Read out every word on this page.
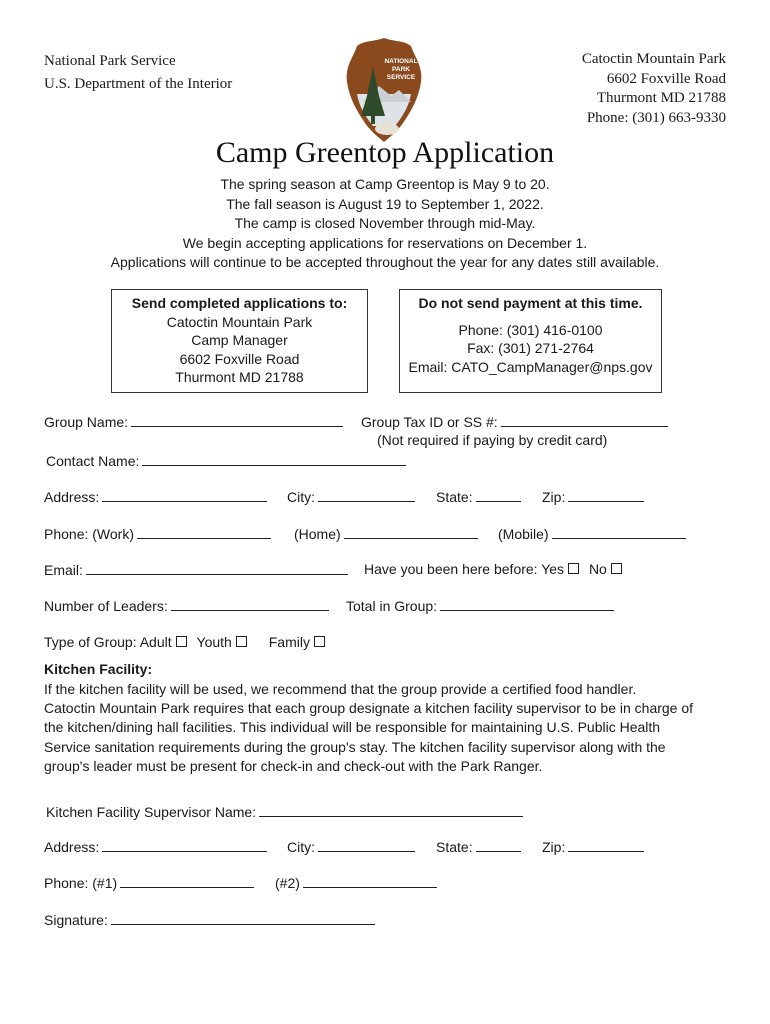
National Park Service
U.S. Department of the Interior
NATIONAL
PARK
SERVICE
Catoctin Mountain Park
6602 Foxville Road
Thurmont MD 21788
Phone: (301) 663-9330
Camp Greentop Application
The spring season at Camp Greentop is May 9 to 20.
The fall season is August 19 to September 1, 2022.
The camp is closed November through mid-May.
We begin accepting applications for reservations on December 1.
Applications will continue to be accepted throughout the year for any dates still available.
Send completed applications to:
Catoctin Mountain Park
Camp Manager
6602 Foxville Road
Thurmont MD 21788
Do not send payment at this time.
Phone: (301) 416-0100
Fax: (301) 271-2764
Email: CATO_CampManager@nps.gov
Group Name:	Group Tax ID or SS #:
(Not required if paying by credit card)
Contact Name:
Address:	City:	State:	Zip:
Phone: (Work)	(Home)	(Mobile)
Email:	Have you been here before: Yes No
Number of Leaders:	Total in Group:
Type of Group: Adult Youth	Family
Kitchen Facility:
If the kitchen facility will be used, we recommend that the group provide a certified food handler.
Catoctin Mountain Park requires that each group designate a kitchen facility supervisor to be in charge of
the kitchen/dining hall facilities. This individual will be responsible for maintaining U.S. Public Health
Service sanitation requirements during the group's stay. The kitchen facility supervisor along with the
group's leader must be present for check-in and check-out with the Park Ranger.
Kitchen Facility Supervisor Name:
Address:	City:	State:	Zip:
Phone: (#1)	(#2)
Signature:
